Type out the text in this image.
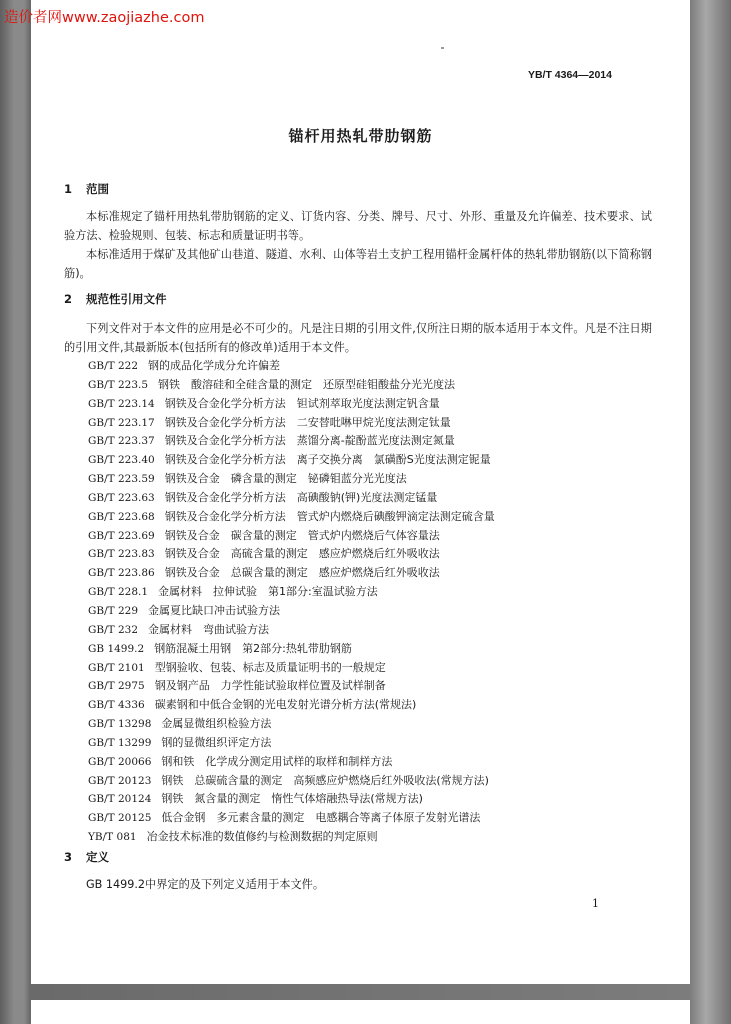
YB/T 4364—2014
锚杆用热轧带肋钢筋
1 范围
本标准规定了锚杆用热轧带肋钢筋的定义、订货内容、分类、牌号、尺寸、外形、重量及允许偏差、技术要求、试验方法、检验规则、包装、标志和质量证明书等。
本标准适用于煤矿及其他矿山巷道、隧道、水利、山体等岩土支护工程用锚杆金属杆体的热轧带肋钢筋(以下简称钢筋)。
2 规范性引用文件
下列文件对于本文件的应用是必不可少的。凡是注日期的引用文件,仅所注日期的版本适用于本文件。凡是不注日期的引用文件,其最新版本(包括所有的修改单)适用于本文件。
GB/T 222 钢的成品化学成分允许偏差
GB/T 223.5 钢铁　酸溶硅和全硅含量的测定　还原型硅钼酸盐分光光度法
GB/T 223.14 钢铁及合金化学分析方法　钽试剂萃取光度法测定钒含量
GB/T 223.17 钢铁及合金化学分析方法　二安替吡啉甲烷光度法测定钛量
GB/T 223.37 钢铁及合金化学分析方法　蒸馏分离-靛酚蓝光度法测定氮量
GB/T 223.40 钢铁及合金化学分析方法　离子交换分离　氯磺酚S光度法测定铌量
GB/T 223.59 钢铁及合金　磷含量的测定　铋磷钼蓝分光光度法
GB/T 223.63 钢铁及合金化学分析方法　高碘酸钠(钾)光度法测定锰量
GB/T 223.68 钢铁及合金化学分析方法　管式炉内燃烧后碘酸钾滴定法测定硫含量
GB/T 223.69 钢铁及合金　碳含量的测定　管式炉内燃烧后气体容量法
GB/T 223.83 钢铁及合金　高硫含量的测定　感应炉燃烧后红外吸收法
GB/T 223.86 钢铁及合金　总碳含量的测定　感应炉燃烧后红外吸收法
GB/T 228.1 金属材料　拉伸试验　第1部分:室温试验方法
GB/T 229 金属夏比缺口冲击试验方法
GB/T 232 金属材料　弯曲试验方法
GB 1499.2 钢筋混凝土用钢　第2部分:热轧带肋钢筋
GB/T 2101 型钢验收、包装、标志及质量证明书的一般规定
GB/T 2975 钢及钢产品　力学性能试验取样位置及试样制备
GB/T 4336 碳素钢和中低合金钢的光电发射光谱分析方法(常规法)
GB/T 13298 金属显微组织检验方法
GB/T 13299 钢的显微组织评定方法
GB/T 20066 钢和铁　化学成分测定用试样的取样和制样方法
GB/T 20123 钢铁　总碳硫含量的测定　高频感应炉燃烧后红外吸收法(常规方法)
GB/T 20124 钢铁　氮含量的测定　惰性气体熔融热导法(常规方法)
GB/T 20125 低合金钢　多元素含量的测定　电感耦合等离子体原子发射光谱法
YB/T 081 冶金技术标准的数值修约与检测数据的判定原则
3 定义
GB 1499.2中界定的及下列定义适用于本文件。
1
造价者网www.zaojiazhe.com
